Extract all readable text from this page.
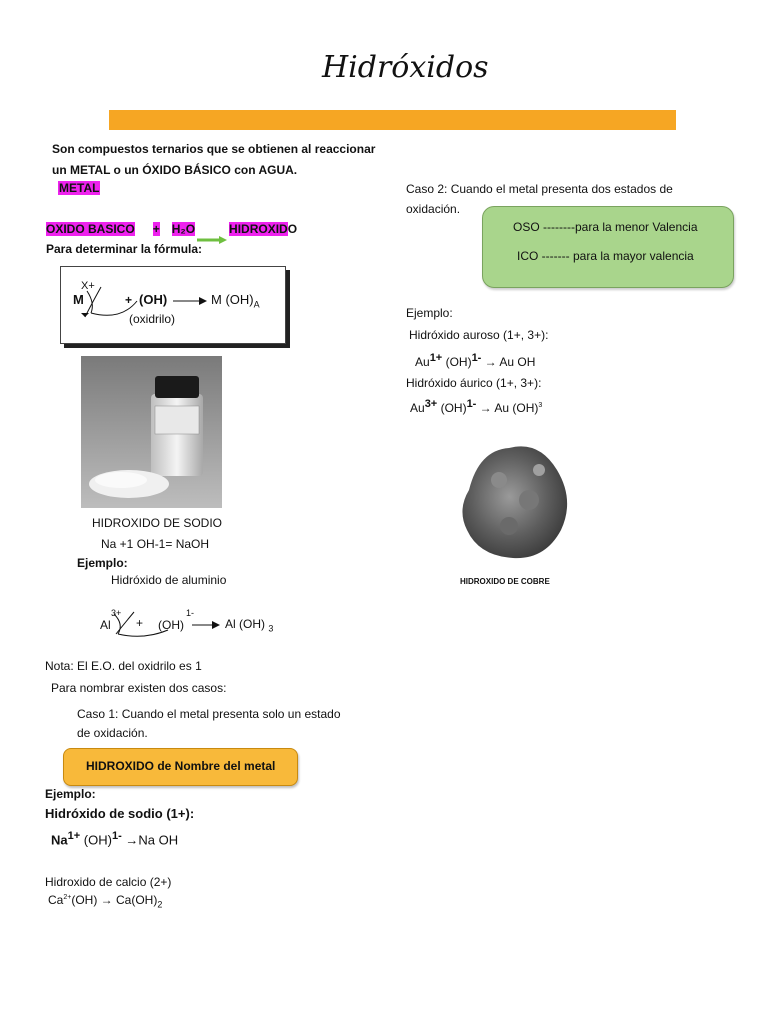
Hidróxidos
Son compuestos ternarios que se obtienen al reaccionar
un METAL o un ÓXIDO BÁSICO con AGUA.
METAL
OXIDO BASICO + H₂O	HIDROXIDO
Para determinar la fórmula:
M
X+
+ (OH)	M $(OH)_A$
(oxidrilo)
HIDROXIDO DE SODIO
Na +1 OH-1= NaOH
Ejemplo:
Hidróxido de aluminio
Al
3+
+ (OH)
1-
Al (OH) $_3$
Nota: El E.O. del oxidrilo es 1
Para nombrar existen dos casos:
Caso 1: Cuando el metal presenta solo un estado
de oxidación.
HIDROXIDO de Nombre del metal
Ejemplo:
Hidróxido de sodio (1+):
$Na^{1+}$ (OH)$^{1-}$ →Na OH
Hidroxido de calcio (2+)
$Ca^{2+}(OH) \to Ca(OH)_2$
Caso 2: Cuando el metal presenta dos estados de
oxidación.
OSO --------para la menor Valencia
ICO ------- para la mayor valencia
Ejemplo:
Hidróxido auroso (1+, 3+):
$Au^{1+}$ (OH)$^{1-}$ → Au OH
Hidróxido áurico (1+, 3+):
$Au^{3+}$ (OH)$^{1-}$ → Au (OH)$^3$
HIDROXIDO DE COBRE
